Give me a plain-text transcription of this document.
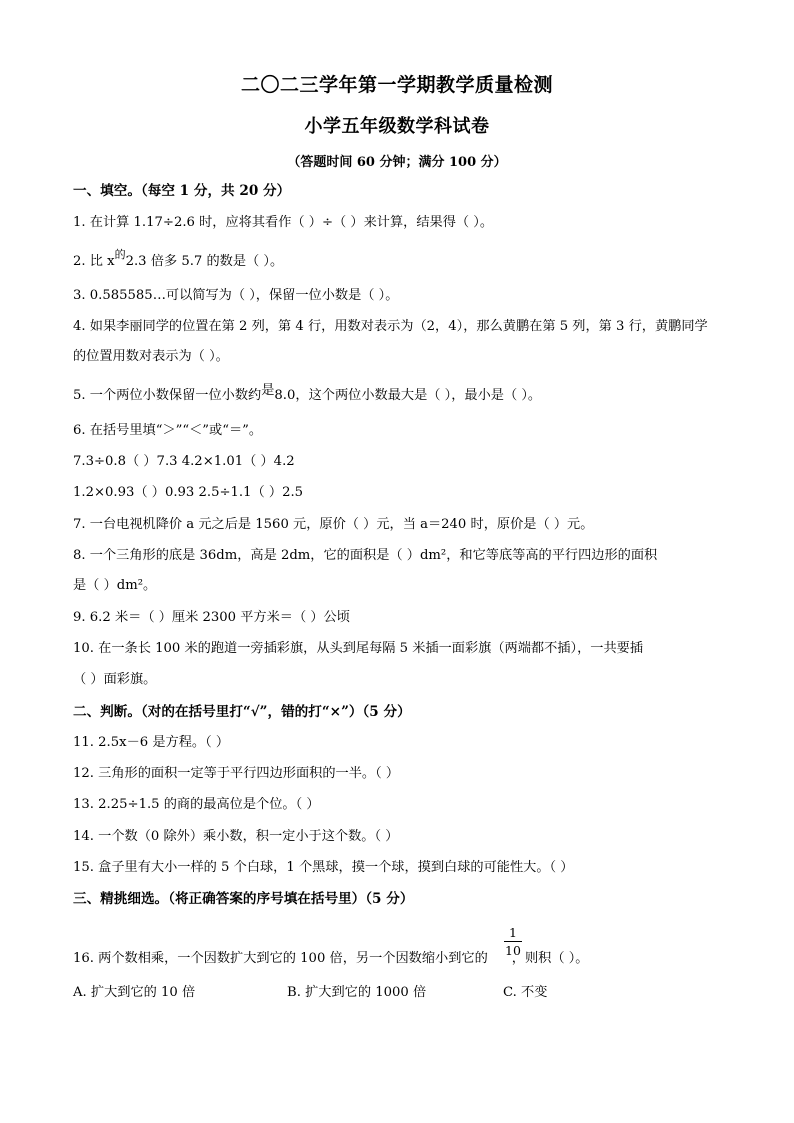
二〇二三学年第一学期教学质量检测
小学五年级数学科试卷
（答题时间 60 分钟；满分 100 分）
一、填空。（每空 1 分，共 20 分）
1. 在计算 1.17÷2.6 时，应将其看作（ ）÷（ ）来计算，结果得（ ）。
2. 比 $x^的2.3$ 倍多 5.7 的数是（ ）。
3. 0.585585…可以简写为（ ），保留一位小数是（ ）。
4. 如果李丽同学的位置在第 2 列，第 4 行，用数对表示为（2，4），那么黄鹏在第 5 列，第 3 行，黄鹏同学
的位置用数对表示为（ ）。
5. 一个两位小数保留一位小数约是8.0，这个两位小数最大是（ ），最小是（ ）。
6. 在括号里填“＞”“＜”或“＝”。
7.3÷0.8（ ）7.3 4.2×1.01（ ）4.2
1.2×0.93（ ）0.93 2.5÷1.1（ ）2.5
7. 一台电视机降价 a 元之后是 1560 元，原价（ ）元，当 a＝240 时，原价是（ ）元。
8. 一个三角形的底是 36dm，高是 2dm，它的面积是（ ）dm²，和它等底等高的平行四边形的面积
是（ ）dm²。
9. 6.2 米＝（ ）厘米 2300 平方米＝（ ）公顷
10. 在一条长 100 米的跑道一旁插彩旗，从头到尾每隔 5 米插一面彩旗（两端都不插），一共要插
（ ）面彩旗。
二、判断。（对的在括号里打“√”，错的打“×”）（5 分）
11. 2.5x－6 是方程。（ ）
12. 三角形的面积一定等于平行四边形面积的一半。（ ）
13. 2.25÷1.5 的商的最高位是个位。（ ）
14. 一个数（0 除外）乘小数，积一定小于这个数。（ ）
15. 盒子里有大小一样的 5 个白球，1 个黑球，摸一个球，摸到白球的可能性大。（ ）
三、精挑细选。（将正确答案的序号填在括号里）（5 分）
16. 两个数相乘，一个因数扩大到它的 100 倍，另一个因数缩小到它的 ，则积（ ）。
1
10
A. 扩大到它的 10 倍	B. 扩大到它的 1000 倍	C. 不变
